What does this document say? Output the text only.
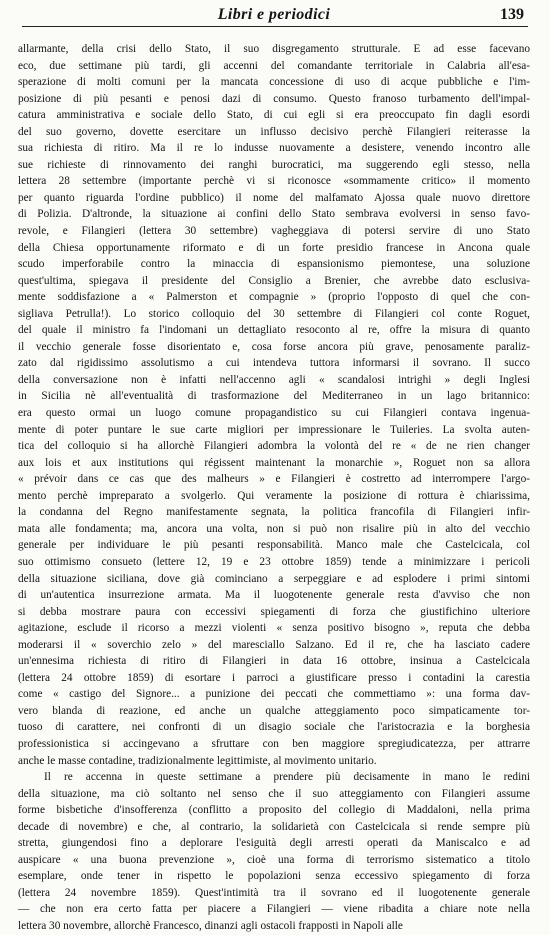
Libri e periodici	139

allarmante, della crisi dello Stato, il suo disgregamento strutturale. E ad esse facevano
eco, due settimane più tardi, gli accenni del comandante territoriale in Calabria all'esa-
sperazione di molti comuni per la mancata concessione di uso di acque pubbliche e l'im-
posizione di più pesanti e penosi dazi di consumo. Questo franoso turbamento dell'impal-
catura amministrativa e sociale dello Stato, di cui egli si era preoccupato fin dagli esordi
del suo governo, dovette esercitare un influsso decisivo perchè Filangieri reiterasse la
sua richiesta di ritiro. Ma il re lo indusse nuovamente a desistere, venendo incontro alle
sue richieste di rinnovamento dei ranghi burocratici, ma suggerendo egli stesso, nella
lettera 28 settembre (importante perchè vi si riconosce «sommamente critico» il momento
per quanto riguarda l'ordine pubblico) il nome del malfamato Ajossa quale nuovo direttore
di Polizia. D'altronde, la situazione ai confini dello Stato sembrava evolversi in senso favo-
revole, e Filangieri (lettera 30 settembre) vagheggiava di potersi servire di uno Stato
della Chiesa opportunamente riformato e di un forte presidio francese in Ancona quale
scudo imperforabile contro la minaccia di espansionismo piemontese, una soluzione
quest'ultima, spiegava il presidente del Consiglio a Brenier, che avrebbe dato esclusiva-
mente soddisfazione a « Palmerston et compagnie » (proprio l'opposto di quel che con-
sigliava Petrulla!). Lo storico colloquio del 30 settembre di Filangieri col conte Roguet,
del quale il ministro fa l'indomani un dettagliato resoconto al re, offre la misura di quanto
il vecchio generale fosse disorientato e, cosa forse ancora più grave, penosamente paraliz-
zato dal rigidissimo assolutismo a cui intendeva tuttora informarsi il sovrano. Il succo
della conversazione non è infatti nell'accenno agli « scandalosi intrighi » degli Inglesi
in Sicilia nè all'eventualità di trasformazione del Mediterraneo in un lago britannico:
era questo ormai un luogo comune propagandistico su cui Filangieri contava ingenua-
mente di poter puntare le sue carte migliori per impressionare le Tuileries. La svolta auten-
tica del colloquio si ha allorchè Filangieri adombra la volontà del re « de ne rien changer
aux lois et aux institutions qui régissent maintenant la monarchie », Roguet non sa allora
« prévoir dans ce cas que des malheurs » e Filangieri è costretto ad interrompere l'argo-
mento perchè impreparato a svolgerlo. Qui veramente la posizione di rottura è chiarissima,
la condanna del Regno manifestamente segnata, la politica francofila di Filangieri infir-
mata alle fondamenta; ma, ancora una volta, non si può non risalire più in alto del vecchio
generale per individuare le più pesanti responsabilità. Manco male che Castelcicala, col
suo ottimismo consueto (lettere 12, 19 e 23 ottobre 1859) tende a minimizzare i pericoli
della situazione siciliana, dove già cominciano a serpeggiare e ad esplodere i primi sintomi
di un'autentica insurrezione armata. Ma il luogotenente generale resta d'avviso che non
si debba mostrare paura con eccessivi spiegamenti di forza che giustifichino ulteriore
agitazione, esclude il ricorso a mezzi violenti « senza positivo bisogno », reputa che debba
moderarsi il « soverchio zelo » del maresciallo Salzano. Ed il re, che ha lasciato cadere
un'ennesima richiesta di ritiro di Filangieri in data 16 ottobre, insinua a Castelcicala
(lettera 24 ottobre 1859) di esortare i parroci a giustificare presso i contadini la carestia
come « castigo del Signore... a punizione dei peccati che commettiamo »: una forma dav-
vero blanda di reazione, ed anche un qualche atteggiamento poco simpaticamente tor-
tuoso di carattere, nei confronti di un disagio sociale che l'aristocrazia e la borghesia
professionistica si accingevano a sfruttare con ben maggiore spregiudicatezza, per attrarre
anche le masse contadine, tradizionalmente legittimiste, al movimento unitario.

Il re accenna in queste settimane a prendere più decisamente in mano le redini
della situazione, ma ciò soltanto nel senso che il suo atteggiamento con Filangieri assume
forme bisbetiche d'insofferenza (conflitto a proposito del collegio di Maddaloni, nella prima
decade di novembre) e che, al contrario, la solidarietà con Castelcicala si rende sempre più
stretta, giungendosi fino a deplorare l'esiguità degli arresti operati da Maniscalco e ad
auspicare « una buona prevenzione », cioè una forma di terrorismo sistematico a titolo
esemplare, onde tener in rispetto le popolazioni senza eccessivo spiegamento di forza
(lettera 24 novembre 1859). Quest'intimità tra il sovrano ed il luogotenente generale
— che non era certo fatta per piacere a Filangieri — viene ribadita a chiare note nella
lettera 30 novembre, allorchè Francesco, dinanzi agli ostacoli frapposti in Napoli alle
